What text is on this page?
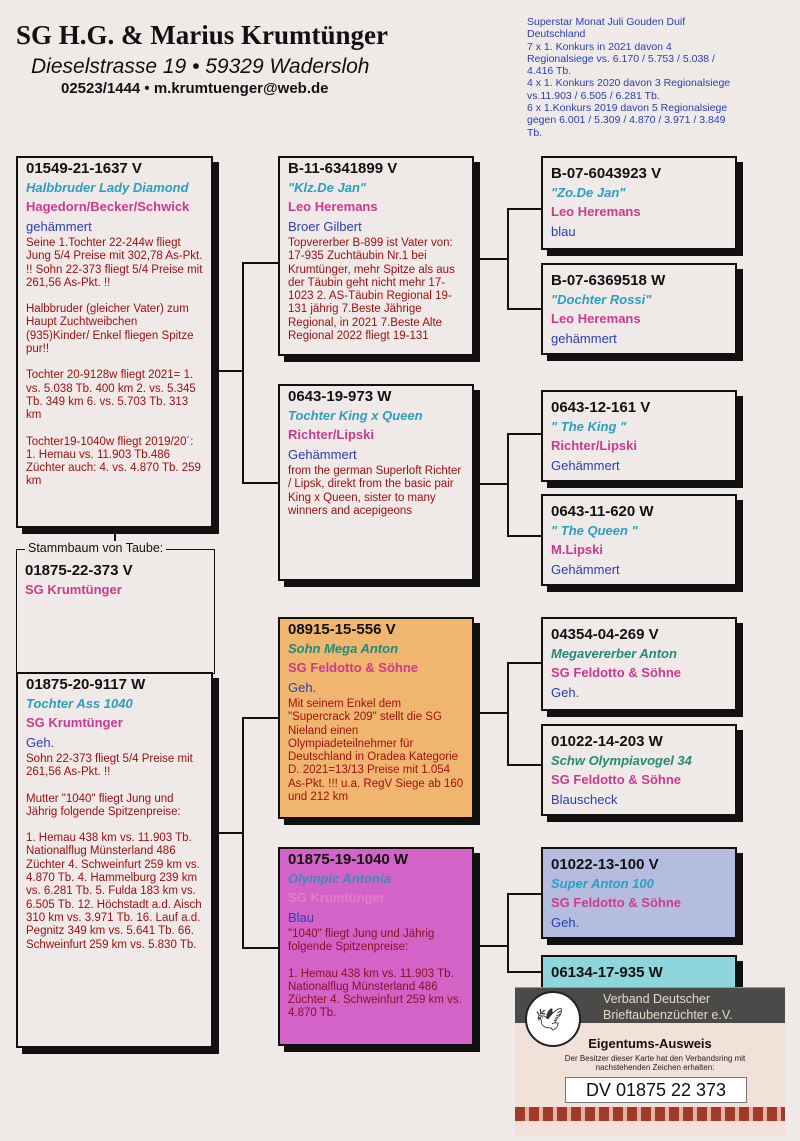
SG H.G. & Marius Krumtünger
Dieselstrasse 19 • 59329 Wadersloh
02523/1444 • m.krumtuenger@web.de
Superstar Monat Juli Gouden Duif
Deutschland
7 x 1. Konkurs in 2021 davon 4
Regionalsiege vs. 6.170 / 5.753 / 5.038 /
4.416 Tb.
4 x 1. Konkurs 2020 davon 3 Regionalsiege
vs.11.903 / 6.505 / 6.281 Tb.
6 x 1.Konkurs 2019 davon 5 Regionalsiege
gegen 6.001 / 5.309 / 4.870 / 3.971 / 3.849
Tb.
Stammbaum von Taube:
01875-22-373 V
SG Krumtünger
01549-21-1637 V
Halbbruder Lady Diamond
Hagedorn/Becker/Schwick
gehämmert

Seine 1.Tochter 22-244w fliegt Jung 5/4 Preise mit 302,78 As-Pkt. !! Sohn 22-373 fliegt 5/4 Preise mit 261,56 As-Pkt. !!

Halbbruder (gleicher Vater) zum Haupt Zuchtweibchen (935)Kinder/ Enkel fliegen Spitze pur!!

Tochter 20-9128w fliegt 2021= 1. vs. 5.038 Tb. 400 km 2. vs. 5.345 Tb. 349 km 6. vs. 5.703 Tb. 313 km

Tochter19-1040w fliegt 2019/20´: 1. Hemau vs. 11.903 Tb.486 Züchter auch: 4. vs. 4.870 Tb. 259 km

01875-20-9117 W
Tochter Ass 1040
SG Krumtünger
Geh.

Sohn 22-373 fliegt 5/4 Preise mit 261,56 As-Pkt. !!

Mutter "1040" fliegt Jung und Jährig folgende Spitzenpreise:

1. Hemau 438 km vs. 11.903 Tb. Nationalflug Münsterland 486 Züchter 4. Schweinfurt 259 km vs. 4.870 Tb. 4. Hammelburg 239 km vs. 6.281 Tb. 5. Fulda 183 km vs. 6.505 Tb. 12. Höchstadt a.d. Aisch 310 km vs. 3.971 Tb. 16. Lauf a.d. Pegnitz 349 km vs. 5.641 Tb. 66. Schweinfurt 259 km vs. 5.830 Tb.

B-11-6341899 V
"Klz.De Jan"
Leo Heremans
Broer Gilbert

Topvererber B-899 ist Vater von: 17-935 Zuchtäubin Nr.1 bei Krumtünger, mehr Spitze als aus der Täubin geht nicht mehr 17-1023 2. AS-Täubin Regional 19-131 jährig 7.Beste Jährige Regional, in 2021 7.Beste Alte Regional 2022 fliegt 19-131

0643-19-973 W
Tochter King x Queen
Richter/Lipski
Gehämmert

from the german Superloft Richter / Lipsk, direkt from the basic pair King x Queen, sister to many winners and acepigeons

08915-15-556 V
Sohn Mega Anton
SG Feldotto & Söhne
Geh.

Mit seinem Enkel dem "Supercrack 209" stellt die SG Nieland einen Olympiadeteilnehmer für Deutschland in Oradea Kategorie D. 2021=13/13 Preise mit 1.054 As-Pkt. !!! u.a. RegV Siege ab 160 und 212 km

01875-19-1040 W
Olympic Antonia
SG Krumtünger
Blau

"1040" fliegt Jung und Jährig folgende Spitzenpreise:

1. Hemau 438 km vs. 11.903 Tb. Nationalflug Münsterland 486 Züchter 4. Schweinfurt 259 km vs. 4.870 Tb.

B-07-6043923 V
"Zo.De Jan"
Leo Heremans
blau
B-07-6369518 W
"Dochter Rossi"
Leo Heremans
gehämmert
0643-12-161 V
" The King "
Richter/Lipski
Gehämmert
0643-11-620 W
" The Queen "
M.Lipski
Gehämmert
04354-04-269 V
Megavererber Anton
SG Feldotto & Söhne
Geh.
01022-14-203 W
Schw Olympiavogel 34
SG Feldotto & Söhne
Blauscheck
01022-13-100 V
Super Anton 100
SG Feldotto & Söhne
Geh.
06134-17-935 W
🕊
Verband Deutscher
Brieftaubenzüchter e.V.
Eigentums-Ausweis
Der Besitzer dieser Karte hat den Verbandsring mit nachstehenden Zeichen erhalten:
DV 01875 22 373
